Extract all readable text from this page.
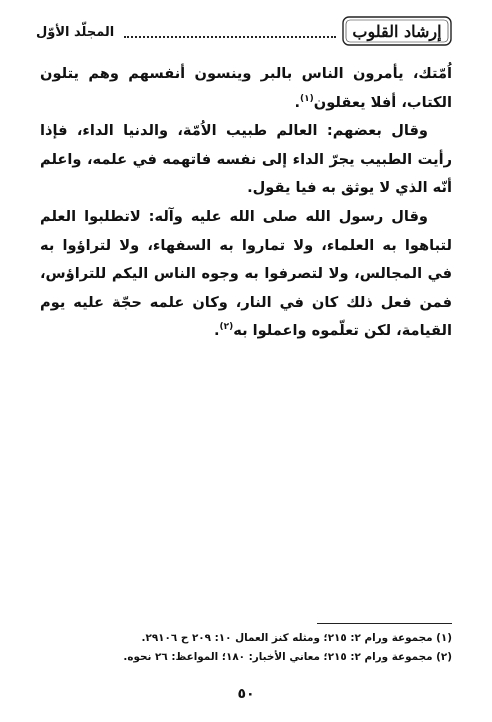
إرشاد القلوب
المجلّد الأوّل

اُمّتك، يأمرون الناس بالبر وينسون أنفسهم وهم يتلون الكتاب، أفلا يعقلون$^{(١)}$.

وقال بعضهم: العالم طبيب الاُمّة، والدنيا الداء، فإذا رأيت الطبيب يجرّ الداء إلى نفسه فاتهمه في علمه، واعلم أنّه الذي لا يوثق به فيا يقول.

وقال رسول الله صلى الله عليه وآله: لاتطلبوا العلم لتباهوا به العلماء، ولا تماروا به السفهاء، ولا لتراؤوا به في المجالس، ولا لتصرفوا به وجوه الناس اليكم للتراؤس، فمن فعل ذلك كان في النار، وكان علمه حجّة عليه يوم القيامة، لكن تعلّموه واعملوا به$^{(٢)}$.

(١) مجموعة ورام ٢: ٢١٥؛ ومثله كنز العمال ١٠: ٢٠٩ ح ٢٩١٠٦.
(٢) مجموعة ورام ٢: ٢١٥؛ معاني الأخبار: ١٨٠؛ المواعظ: ٢٦ نحوه.
٥٠
